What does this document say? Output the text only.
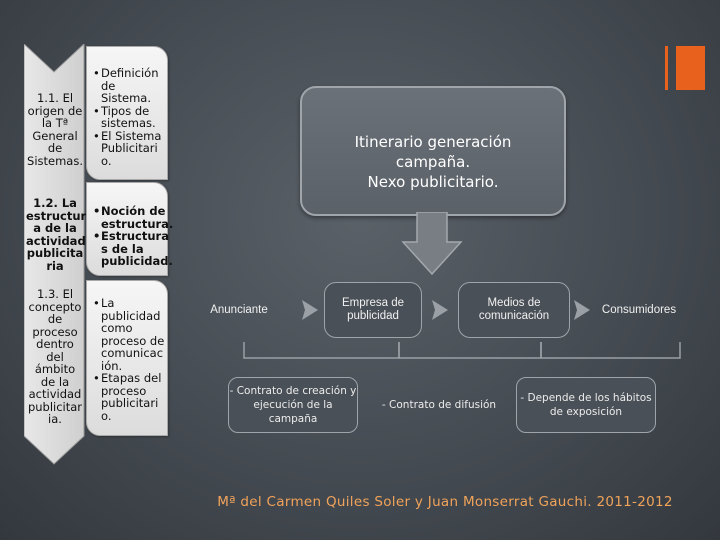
1.1. El
origen de
la Tª
General
de
Sistemas.
1.2. La
estructur
a de la
actividad
publicita
ria
1.3. El
concepto
de
proceso
dentro
del
ámbito
de la
actividad
publicitar
ia.
• Definición
de Sistema.
• Tipos de
sistemas.
• El Sistema
Publicitari
o.
• Noción de
estructura.
• Estructura
s de la
publicidad.
• La
publicidad
como
proceso de
comunicac
ión.
• Etapas del
proceso
publicitari
o.
Itinerario generación
campaña.
Nexo publicitario.
Anunciante
Empresa de publicidad
Medios de comunicación
Consumidores
- Contrato de creación y ejecución de la campaña
- Contrato de difusión
- Depende de los hábitos de exposición
Mª del Carmen Quiles Soler y Juan Monserrat Gauchi. 2011-2012
